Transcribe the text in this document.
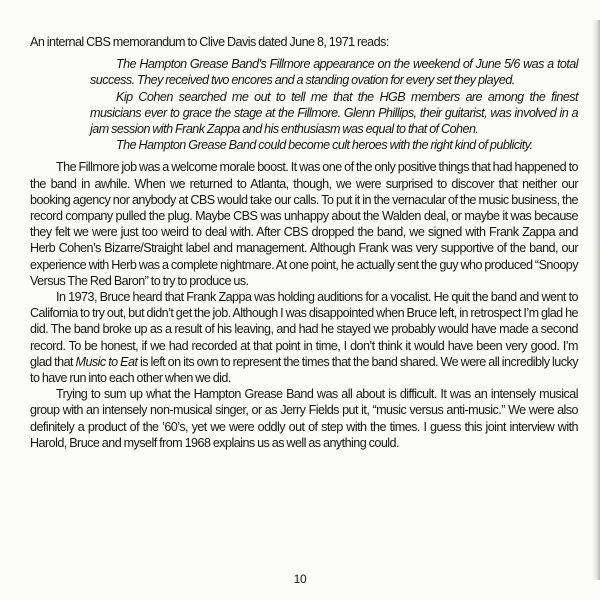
An internal CBS memorandum to Clive Davis dated June 8, 1971 reads:

The Hampton Grease Band’s Fillmore appearance on the weekend of June 5/6 was a total success. They received two encores and a standing ovation for every set they played.

Kip Cohen searched me out to tell me that the HGB members are among the finest musicians ever to grace the stage at the Fillmore. Glenn Phillips, their guitarist, was involved in a jam session with Frank Zappa and his enthusiasm was equal to that of Cohen.

The Hampton Grease Band could become cult heroes with the right kind of publicity.

The Fillmore job was a welcome morale boost. It was one of the only positive things that had happened to the band in awhile. When we returned to Atlanta, though, we were surprised to discover that neither our booking agency nor anybody at CBS would take our calls. To put it in the vernacular of the music business, the record company pulled the plug. Maybe CBS was unhappy about the Walden deal, or maybe it was because they felt we were just too weird to deal with. After CBS dropped the band, we signed with Frank Zappa and Herb Cohen’s Bizarre/Straight label and management. Although Frank was very supportive of the band, our experience with Herb was a complete nightmare. At one point, he actually sent the guy who produced “Snoopy Versus The Red Baron” to try to produce us.

In 1973, Bruce heard that Frank Zappa was holding auditions for a vocalist. He quit the band and went to California to try out, but didn’t get the job. Although I was disappointed when Bruce left, in retrospect I’m glad he did. The band broke up as a result of his leaving, and had he stayed we probably would have made a second record. To be honest, if we had recorded at that point in time, I don’t think it would have been very good. I’m glad that Music to Eat is left on its own to represent the times that the band shared. We were all incredibly lucky to have run into each other when we did.

Trying to sum up what the Hampton Grease Band was all about is difficult. It was an intensely musical group with an intensely non-musical singer, or as Jerry Fields put it, “music versus anti-music.” We were also definitely a product of the ’60’s, yet we were oddly out of step with the times. I guess this joint interview with Harold, Bruce and myself from 1968 explains us as well as anything could.

10
